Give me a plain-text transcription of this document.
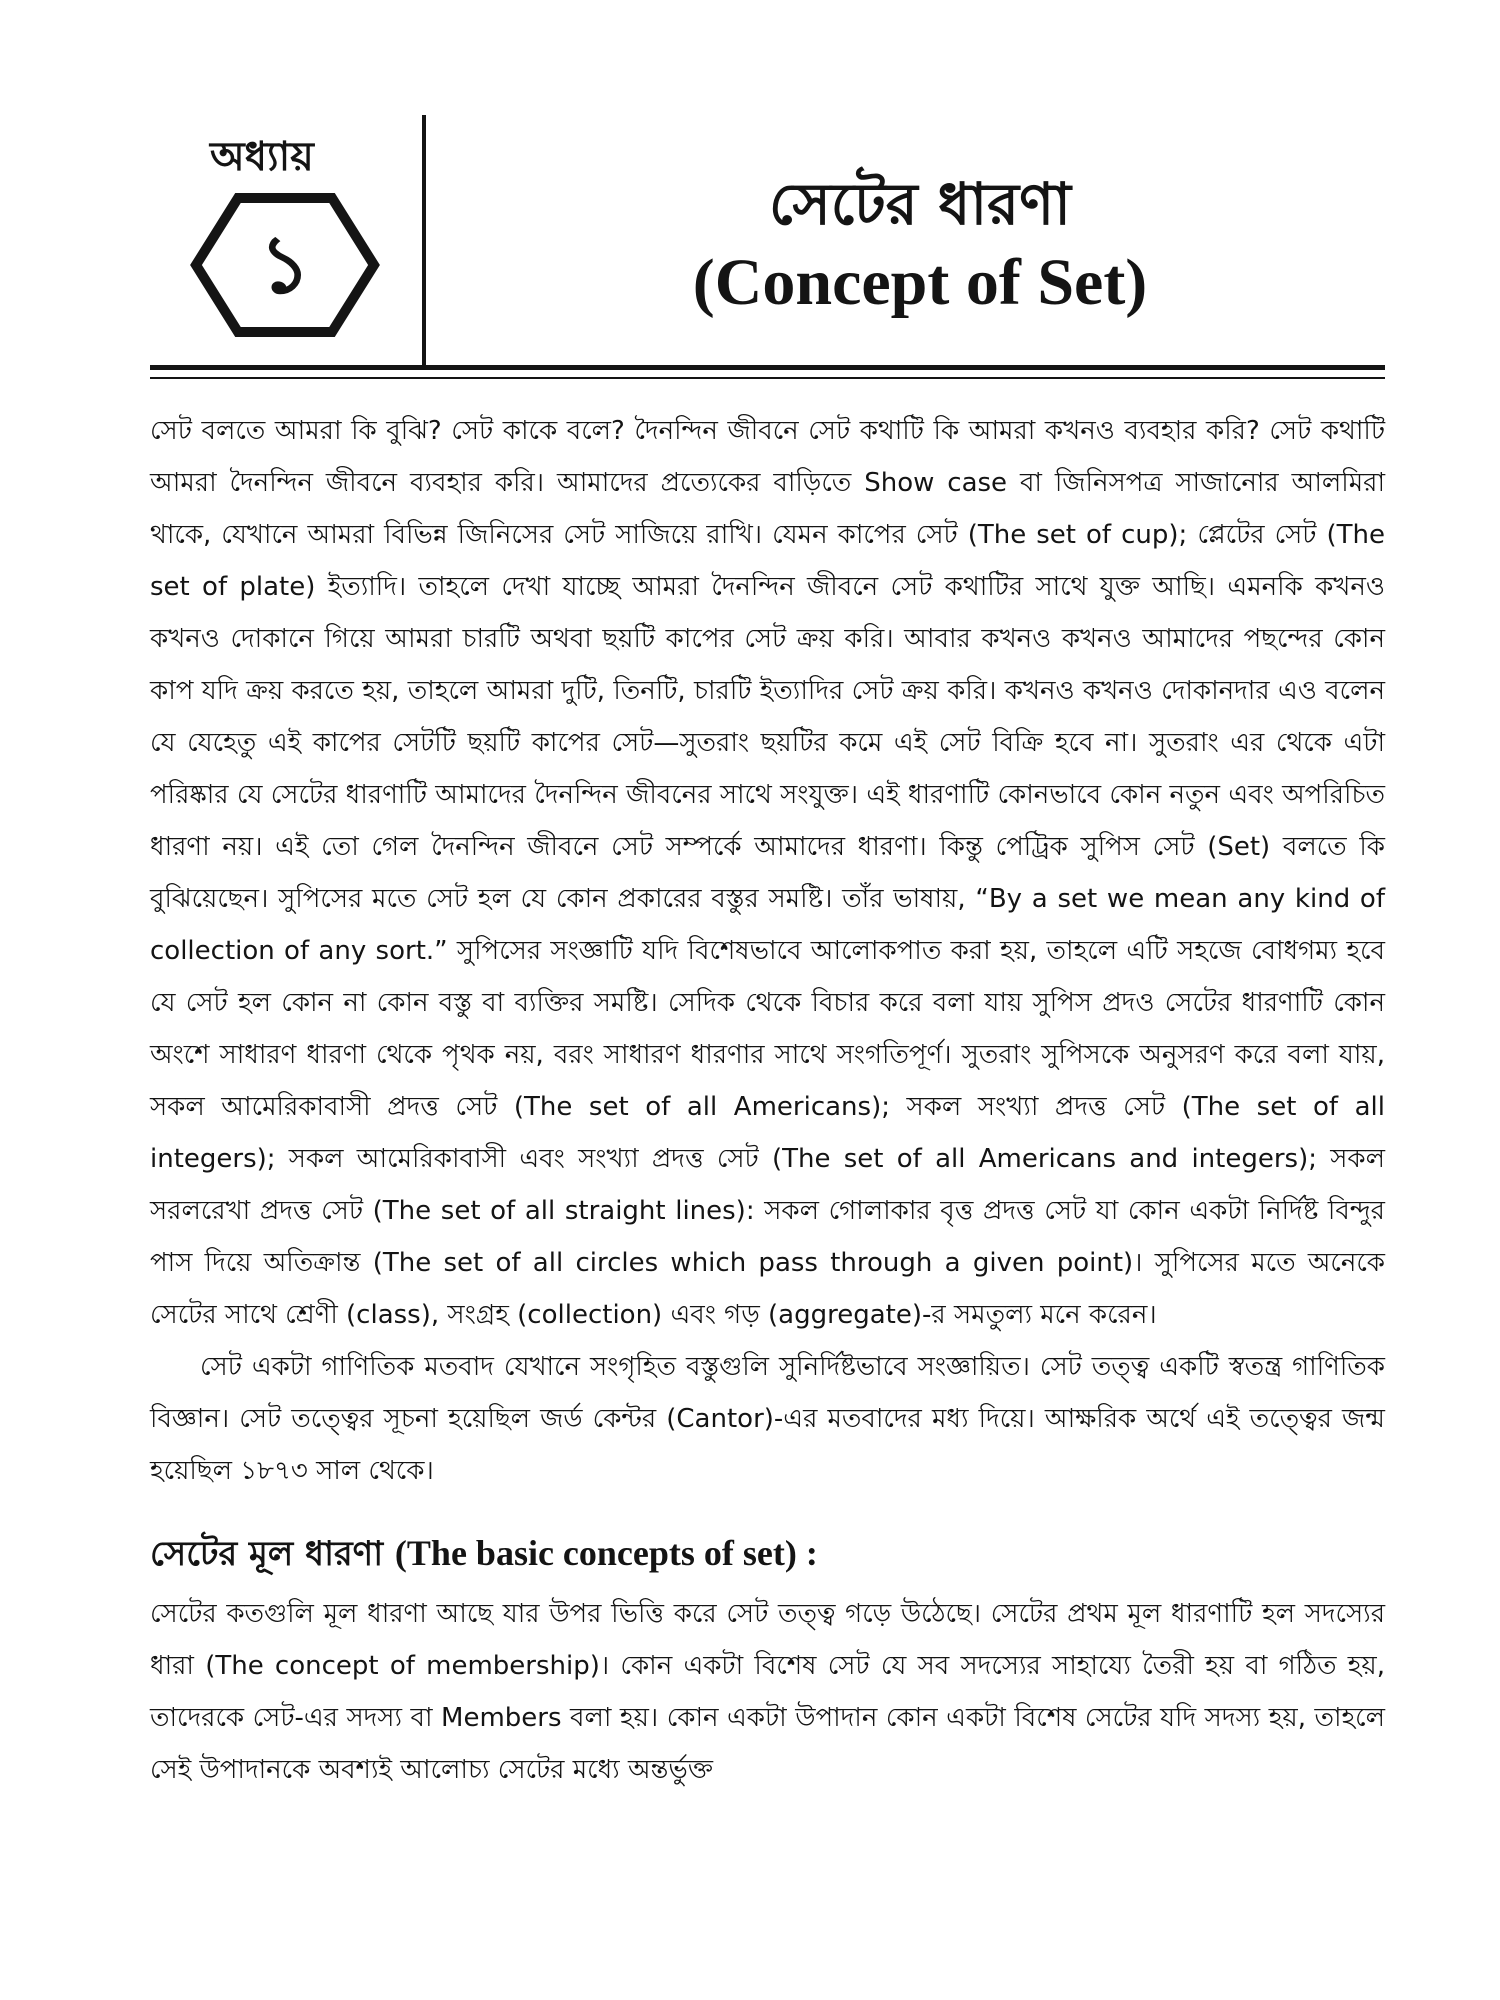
অধ্যায়
১
সেটের ধারণা
(Concept of Set)

সেট বলতে আমরা কি বুঝি? সেট কাকে বলে? দৈনন্দিন জীবনে সেট কথাটি কি আমরা কখনও ব্যবহার করি? সেট কথাটি আমরা দৈনন্দিন জীবনে ব্যবহার করি। আমাদের প্রত্যেকের বাড়িতে Show case বা জিনিসপত্র সাজানোর আলমিরা থাকে, যেখানে আমরা বিভিন্ন জিনিসের সেট সাজিয়ে রাখি। যেমন কাপের সেট (The set of cup); প্লেটের সেট (The set of plate) ইত্যাদি। তাহলে দেখা যাচ্ছে আমরা দৈনন্দিন জীবনে সেট কথাটির সাথে যুক্ত আছি। এমনকি কখনও কখনও দোকানে গিয়ে আমরা চারটি অথবা ছয়টি কাপের সেট ক্রয় করি। আবার কখনও কখনও আমাদের পছন্দের কোন কাপ যদি ক্রয় করতে হয়, তাহলে আমরা দুটি, তিনটি, চারটি ইত্যাদির সেট ক্রয় করি। কখনও কখনও দোকানদার এও বলেন যে যেহেতু এই কাপের সেটটি ছয়টি কাপের সেট—সুতরাং ছয়টির কমে এই সেট বিক্রি হবে না। সুতরাং এর থেকে এটা পরিষ্কার যে সেটের ধারণাটি আমাদের দৈনন্দিন জীবনের সাথে সংযুক্ত। এই ধারণাটি কোনভাবে কোন নতুন এবং অপরিচিত ধারণা নয়। এই তো গেল দৈনন্দিন জীবনে সেট সম্পর্কে আমাদের ধারণা। কিন্তু পেট্রিক সুপিস সেট (Set) বলতে কি বুঝিয়েছেন। সুপিসের মতে সেট হল যে কোন প্রকারের বস্তুর সমষ্টি। তাঁর ভাষায়, “By a set we mean any kind of collection of any sort.” সুপিসের সংজ্ঞাটি যদি বিশেষভাবে আলোকপাত করা হয়, তাহলে এটি সহজে বোধগম্য হবে যে সেট হল কোন না কোন বস্তু বা ব্যক্তির সমষ্টি। সেদিক থেকে বিচার করে বলা যায় সুপিস প্রদও সেটের ধারণাটি কোন অংশে সাধারণ ধারণা থেকে পৃথক নয়, বরং সাধারণ ধারণার সাথে সংগতিপূর্ণ। সুতরাং সুপিসকে অনুসরণ করে বলা যায়, সকল আমেরিকাবাসী প্রদত্ত সেট (The set of all Americans); সকল সংখ্যা প্রদত্ত সেট (The set of all integers); সকল আমেরিকাবাসী এবং সংখ্যা প্রদত্ত সেট (The set of all Americans and integers); সকল সরলরেখা প্রদত্ত সেট (The set of all straight lines): সকল গোলাকার বৃত্ত প্রদত্ত সেট যা কোন একটা নির্দিষ্ট বিন্দুর পাস দিয়ে অতিক্রান্ত (The set of all circles which pass through a given point)। সুপিসের মতে অনেকে সেটের সাথে শ্রেণী (class), সংগ্রহ (collection) এবং গড় (aggregate)-র সমতুল্য মনে করেন।

সেট একটা গাণিতিক মতবাদ যেখানে সংগৃহিত বস্তুগুলি সুনির্দিষ্টভাবে সংজ্ঞায়িত। সেট তত্ত্ব একটি স্বতন্ত্র গাণিতিক বিজ্ঞান। সেট তত্ত্বের সূচনা হয়েছিল জর্ড কেন্টর (Cantor)-এর মতবাদের মধ্য দিয়ে। আক্ষরিক অর্থে এই তত্ত্বের জন্ম হয়েছিল ১৮৭৩ সাল থেকে।

সেটের মূল ধারণা (The basic concepts of set) :

সেটের কতগুলি মূল ধারণা আছে যার উপর ভিত্তি করে সেট তত্ত্ব গড়ে উঠেছে। সেটের প্রথম মূল ধারণাটি হল সদস্যের ধারা (The concept of membership)। কোন একটা বিশেষ সেট যে সব সদস্যের সাহায্যে তৈরী হয় বা গঠিত হয়, তাদেরকে সেট-এর সদস্য বা Members বলা হয়। কোন একটা উপাদান কোন একটা বিশেষ সেটের যদি সদস্য হয়, তাহলে সেই উপাদানকে অবশ্যই আলোচ্য সেটের মধ্যে অন্তর্ভুক্ত
